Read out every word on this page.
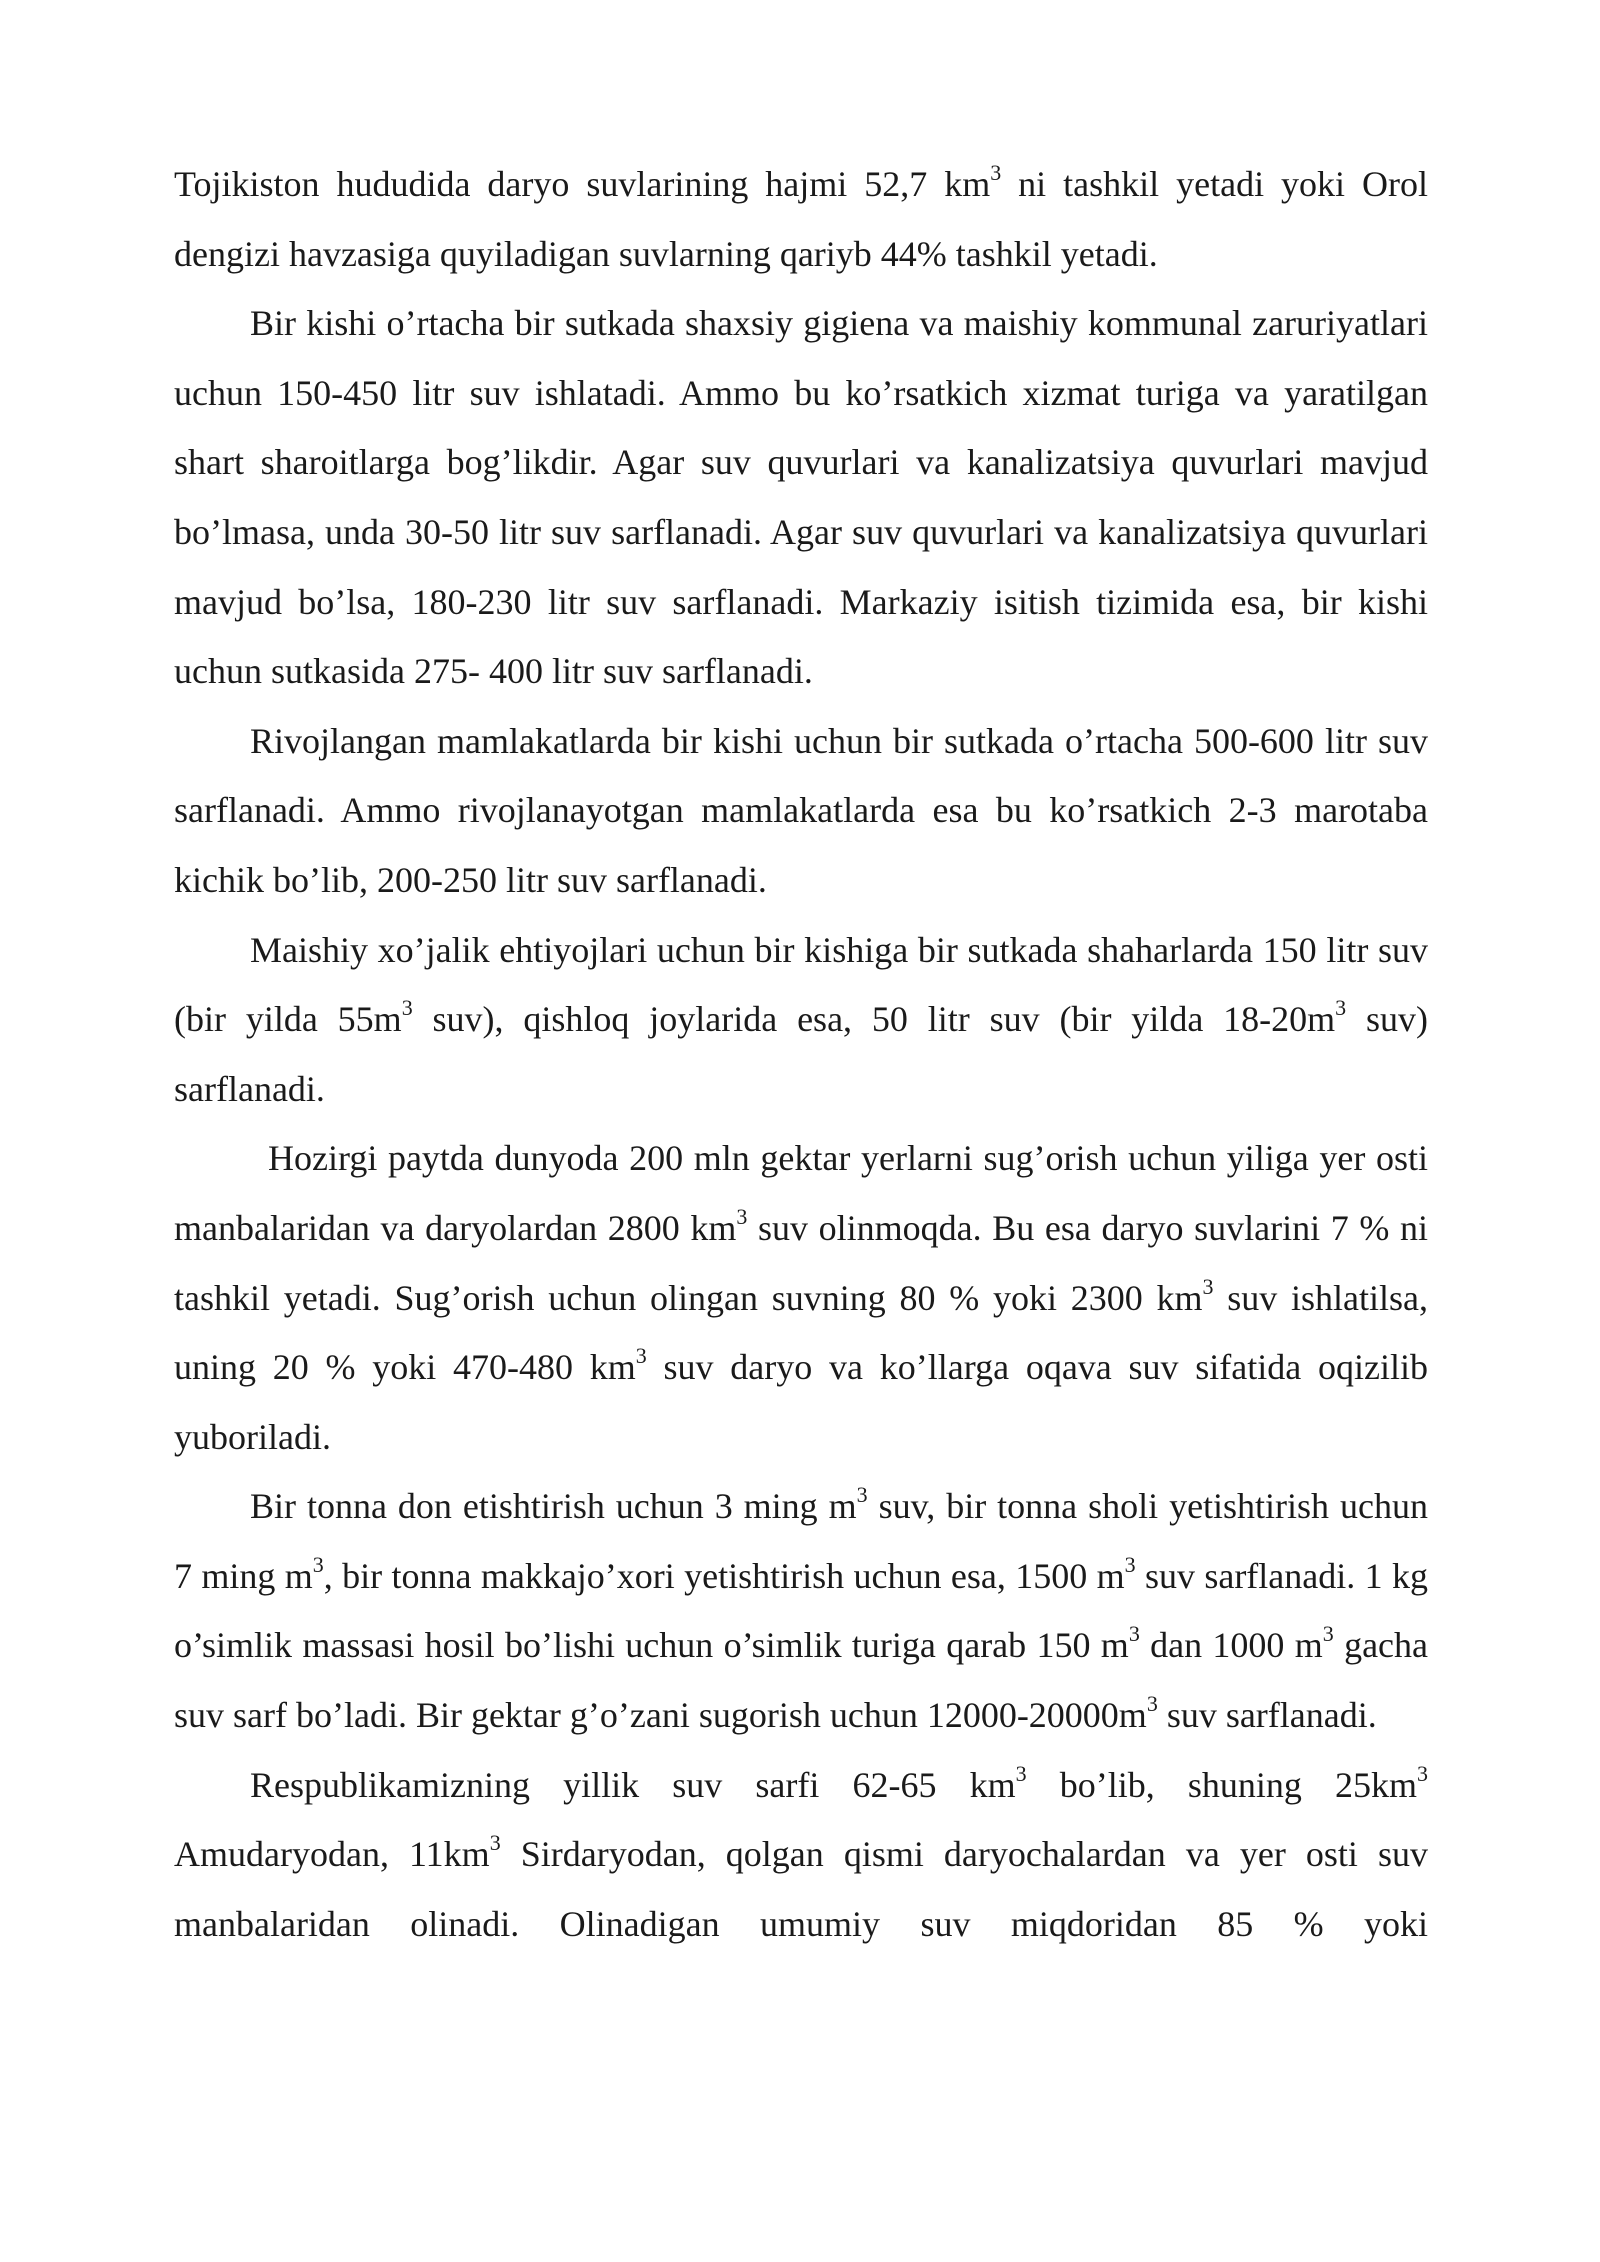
Tojikiston hududida daryo suvlarining hajmi 52,7 $km^3$ ni tashkil yetadi yoki Orol dengizi havzasiga quyiladigan suvlarning qariyb 44% tashkil yetadi.

Bir kishi o’rtacha bir sutkada shaxsiy gigiena va maishiy kommunal zaruriyatlari uchun 150-450 litr suv ishlatadi. Ammo bu ko’rsatkich xizmat turiga va yaratilgan shart sharoitlarga bog’likdir. Agar suv quvurlari va kanalizatsiya quvurlari mavjud bo’lmasa, unda 30-50 litr suv sarflanadi. Agar suv quvurlari va kanalizatsiya quvurlari mavjud bo’lsa, 180-230 litr suv sarflanadi. Markaziy isitish tizimida esa, bir kishi uchun sutkasida 275- 400 litr suv sarflanadi.

Rivojlangan mamlakatlarda bir kishi uchun bir sutkada o’rtacha 500-600 litr suv sarflanadi. Ammo rivojlanayotgan mamlakatlarda esa bu ko’rsatkich 2-3 marotaba kichik bo’lib, 200-250 litr suv sarflanadi.

Maishiy xo’jalik ehtiyojlari uchun bir kishiga bir sutkada shaharlarda 150 litr suv (bir yilda $55m^3$ suv), qishloq joylarida esa, 50 litr suv (bir yilda $18-20m^3$ suv) sarflanadi.

Hozirgi paytda dunyoda 200 mln gektar yerlarni sug’orish uchun yiliga yer osti manbalaridan va daryolardan 2800 $km^3$ suv olinmoqda. Bu esa daryo suvlarini 7 % ni tashkil yetadi. Sug’orish uchun olingan suvning 80 % yoki 2300 $km^3$ suv ishlatilsa, uning 20 % yoki 470-480 $km^3$ suv daryo va ko’llarga oqava suv sifatida oqizilib yuboriladi.

Bir tonna don etishtirish uchun 3 ming $m^3$ suv, bir tonna sholi yetishtirish uchun 7 ming $m^3$, bir tonna makkajo’xori yetishtirish uchun esa, 1500 $m^3$ suv sarflanadi. 1 kg o’simlik massasi hosil bo’lishi uchun o’simlik turiga qarab 150 $m^3$ dan 1000 $m^3$ gacha suv sarf bo’ladi. Bir gektar g’o’zani sugorish uchun $12000-20000m^3$ suv sarflanadi.

Respublikamizning yillik suv sarfi 62-65 $km^3$ bo’lib, shuning $25km^3$ Amudaryodan, $11km^3$ Sirdaryodan, qolgan qismi daryochalardan va yer osti suv manbalaridan olinadi. Olinadigan umumiy suv miqdoridan 85 % yoki
